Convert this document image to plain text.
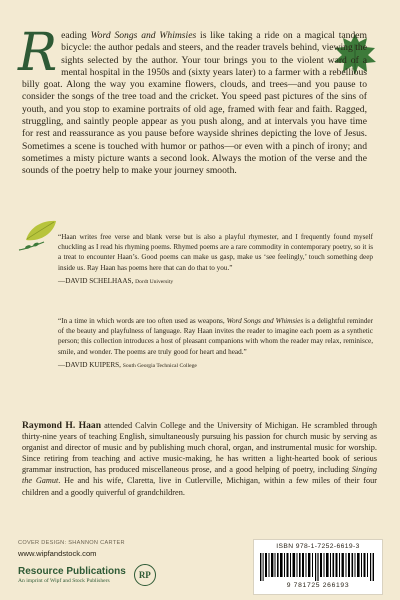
Reading Word Songs and Whimsies is like taking a ride on a magical tandem bicycle: the author pedals and steers, and the reader travels behind, viewing the sights selected by the author. Your tour brings you to the violent ward of a mental hospital in the 1950s and (sixty years later) to a farmer with a rebellious billy goat. Along the way you examine flowers, clouds, and trees—and you pause to consider the songs of the tree toad and the cricket. You speed past pictures of the sins of youth, and you stop to examine portraits of old age, framed with fear and faith. Ragged, struggling, and saintly people appear as you push along, and at intervals you have time for rest and reassurance as you pause before wayside shrines depicting the love of Jesus. Sometimes a scene is touched with humor or pathos—or even with a pinch of irony; and sometimes a misty picture wants a second look. Always the motion of the verse and the sounds of the poetry help to make your journey smooth.
“Haan writes free verse and blank verse but is also a playful rhymester, and I frequently found myself chuckling as I read his rhyming poems. Rhymed poems are a rare commodity in contemporary poetry, so it is a treat to encounter Haan’s. Good poems can make us gasp, make us ‘see feelingly,’ touch something deep inside us. Ray Haan has poems here that can do that to you.”
—DAVID SCHELHAAS, Dordt University
“In a time in which words are too often used as weapons, Word Songs and Whimsies is a delightful reminder of the beauty and playfulness of language. Ray Haan invites the reader to imagine each poem as a synthetic person; this collection introduces a host of pleasant companions with whom the reader may relax, reminisce, smile, and wonder. The poems are truly good for heart and head.”
—DAVID KUIPERS, South Georgia Technical College
Raymond H. Haan attended Calvin College and the University of Michigan. He scrambled through thirty-nine years of teaching English, simultaneously pursuing his passion for church music by serving as organist and director of music and by publishing much choral, organ, and instrumental music for worship. Since retiring from teaching and active music-making, he has written a light-hearted book of serious grammar instruction, has produced miscellaneous prose, and a good helping of poetry, including Singing the Gamut. He and his wife, Claretta, live in Cutlerville, Michigan, within a few miles of their four children and a goodly quiverful of grandchildren.
COVER DESIGN: SHANNON CARTER
www.wipfandstock.com
Resource Publications
An imprint of Wipf and Stock Publishers
RP
ISBN 978-1-7252-6619-3
9 781725 266193
